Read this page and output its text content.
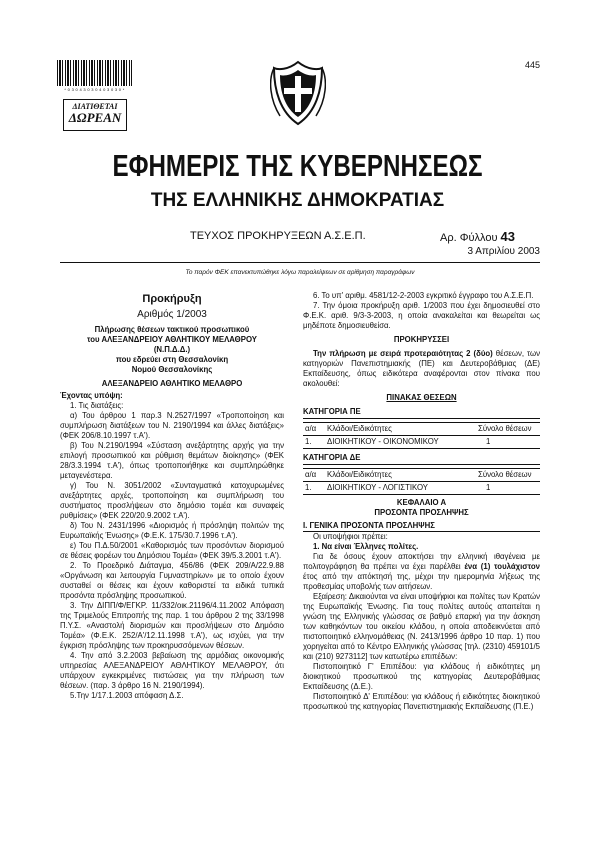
* 0 3 0 4 3 0 3 0 4 0 3 0 3 0 *
ΔΙΑΤΙΘΕΤΑΙ
ΔΩΡΕΑΝ
445
ΕΦΗΜΕΡΙΣ ΤΗΣ ΚΥΒΕΡΝΗΣΕΩΣ
ΤΗΣ ΕΛΛΗΝΙΚΗΣ ΔΗΜΟΚΡΑΤΙΑΣ
ΤΕΥΧΟΣ ΠΡΟΚΗΡΥΞΕΩΝ Α.Σ.Ε.Π.	Αρ. Φύλλου 43
3 Απριλίου 2003
Το παρόν ΦΕΚ επανεκτυπώθηκε λόγω παραλείψεων σε αρίθμηση παραγράφων
Προκήρυξη
Αριθμός 1/2003
Πλήρωσης θέσεων τακτικού προσωπικού
του ΑΛΕΞΑΝΔΡΕΙΟΥ ΑΘΛΗΤΙΚΟΥ ΜΕΛΑΘΡΟΥ
(Ν.Π.Δ.Δ.)
που εδρεύει στη Θεσσαλονίκη
Νομού Θεσσαλονίκης
ΑΛΕΞΑΝΔΡΕΙΟ ΑΘΛΗΤΙΚΟ ΜΕΛΑΘΡΟ

Έχοντας υπόψη:

1. Τις διατάξεις:

α) Του άρθρου 1 παρ.3 Ν.2527/1997 «Τροποποίηση και συμπλήρωση διατάξεων του Ν. 2190/1994 και άλλες διατάξεις» (ΦΕΚ 206/8.10.1997 τ.Α').

β) Του Ν.2190/1994 «Σύσταση ανεξάρτητης αρχής για την επιλογή προσωπικού και ρύθμιση θεμάτων διοίκησης» (ΦΕΚ 28/3.3.1994 τ.Α'), όπως τροποποιήθηκε και συμπληρώθηκε μεταγενέστερα.

γ) Του Ν. 3051/2002 «Συνταγματικά κατοχυρωμένες ανεξάρτητες αρχές, τροποποίηση και συμπλήρωση του συστήματος προσλήψεων στο δημόσιο τομέα και συναφείς ρυθμίσεις» (ΦΕΚ 220/20.9.2002 τ.Α').

δ) Του Ν. 2431/1996 «Διορισμός ή πρόσληψη πολιτών της Ευρωπαϊκής Ένωσης» (Φ.Ε.Κ. 175/30.7.1996 τ.Α').

ε) Του Π.Δ.50/2001 «Καθορισμός των προσόντων διορισμού σε θέσεις φορέων του Δημόσιου Τομέα» (ΦΕΚ 39/5.3.2001 τ.Α').

2. Το Προεδρικό Διάταγμα, 456/86 (ΦΕΚ 209/Α/22.9.88 «Οργάνωση και λειτουργία Γυμναστηρίων» με το οποίο έχουν συσταθεί οι θέσεις και έχουν καθοριστεί τα ειδικά τυπικά προσόντα πρόσληψης προσωπικού.

3. Την ΔΙΠΠ/Φ/ΕΓΚΡ. 11/332/οικ.21196/4.11.2002 Απόφαση της Τριμελούς Επιτροπής της παρ. 1 του άρθρου 2 της 33/1998 Π.Υ.Σ. «Αναστολή διορισμών και προσλήψεων στο Δημόσιο Τομέα» (Φ.Ε.Κ. 252/Α'/12.11.1998 τ.Α'), ως ισχύει, για την έγκριση πρόσληψης των προκηρυσσόμενων θέσεων.

4. Την από 3.2.2003 βεβαίωση της αρμόδιας οικονομικής υπηρεσίας ΑΛΕΞΑΝΔΡΕΙΟΥ ΑΘΛΗΤΙΚΟΥ ΜΕΛΑΘΡΟΥ, ότι υπάρχουν εγκεκριμένες πιστώσεις για την πλήρωση των θέσεων. (παρ. 3 άρθρο 16 Ν. 2190/1994).

5.Την 1/17.1.2003 απόφαση Δ.Σ.

6. Το υπ' αριθμ. 4581/12-2-2003 εγκριτικό έγγραφο του Α.Σ.Ε.Π.

7. Την όμοια προκήρυξη αριθ. 1/2003 που έχει δημοσιευθεί στο Φ.Ε.Κ. αριθ. 9/3-3-2003, η οποία ανακαλείται και θεωρείται ως μηδέποτε δημοσιευθείσα.

ΠΡΟΚΗΡΥΣΣΕΙ

Την πλήρωση με σειρά προτεραιότητας 2 (δύο) θέσεων, των κατηγοριών Πανεπιστημιακής (ΠΕ) και Δευτεροβάθμιας (ΔΕ) Εκπαίδευσης, όπως ειδικότερα αναφέρονται στον πίνακα που ακολουθεί:

ΠΙΝΑΚΑΣ ΘΕΣΕΩΝ
ΚΑΤΗΓΟΡΙΑ ΠΕ
α/α	Κλάδοι/Ειδικότητες	Σύνολο θέσεων
1.	ΔΙΟΙΚΗΤΙΚΟΥ - ΟΙΚΟΝΟΜΙΚΟΥ	1
ΚΑΤΗΓΟΡΙΑ ΔΕ
α/α	Κλάδοι/Ειδικότητες	Σύνολο θέσεων
1.	ΔΙΟΙΚΗΤΙΚΟΥ - ΛΟΓΙΣΤΙΚΟΥ	1
ΚΕΦΑΛΑΙΟ Α
ΠΡΟΣΟΝΤΑ ΠΡΟΣΛΗΨΗΣ

I. ΓΕΝΙΚΑ ΠΡΟΣΟΝΤΑ ΠΡΟΣΛΗΨΗΣ

Οι υποψήφιοι πρέπει:

1. Να είναι Έλληνες πολίτες.

Για δε όσους έχουν αποκτήσει την ελληνική ιθαγένεια με πολιτογράφηση θα πρέπει να έχει παρέλθει ένα (1) τουλάχιστον έτος από την απόκτησή της, μέχρι την ημερομηνία λήξεως της προθεσμίας υποβολής των αιτήσεων.

Εξαίρεση: Δικαιούνται να είναι υποψήφιοι και πολίτες των Κρατών της Ευρωπαϊκής Ένωσης. Για τους πολίτες αυτούς απαιτείται η γνώση της Ελληνικής γλώσσας σε βαθμό επαρκή για την άσκηση των καθηκόντων του οικείου κλάδου, η οποία αποδεικνύεται από πιστοποιητικό ελληνομάθειας (Ν. 2413/1996 άρθρο 10 παρ. 1) που χορηγείται από το Κέντρο Ελληνικής γλώσσας [τηλ. (2310) 459101/5 και (210) 9273112] των κατωτέρω επιπέδων:

Πιστοποιητικό Γ' Επιπέδου: για κλάδους ή ειδικότητες μη διοικητικού προσωπικού της κατηγορίας Δευτεροβάθμιας Εκπαίδευσης (Δ.Ε.).

Πιστοποιητικό Δ' Επιπέδου: για κλάδους ή ειδικότητες διοικητικού προσωπικού της κατηγορίας Πανεπιστημιακής Εκπαίδευσης (Π.Ε.)
